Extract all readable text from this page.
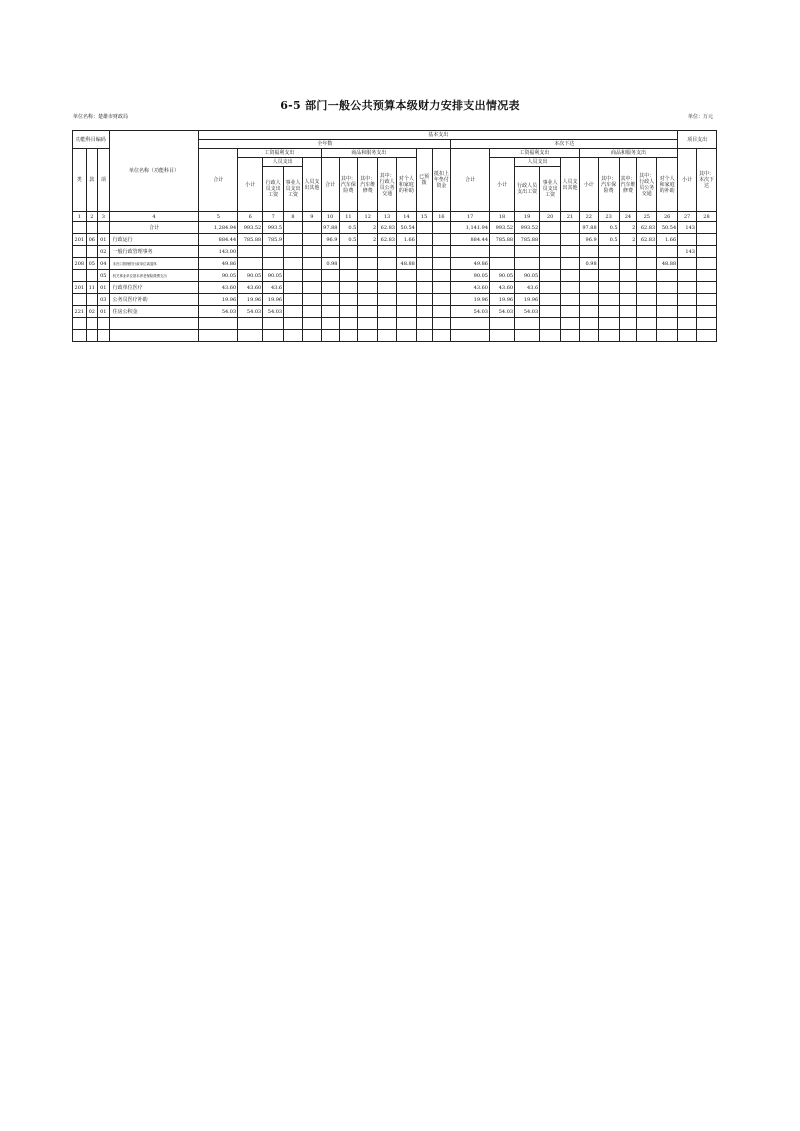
6-5 部门一般公共预算本级财力安排支出情况表
单位名称：楚雄市财政局	单位：万元
功能科目编码			单位名称（功能科目）	基本支出																						项目支出	
				全年数												本次下达											
类	款	项		合计	工资福利支出				商品和服务支出					已预拨	抵扣上年垫付资金	合计	工资福利支出				商品和服务支出					小计	其中：本次下达
					小计	人员支出		人员支出其他	合计	其中：汽车保险费	其中：汽车维修费	其中：行政人员公务交通	对个人和家庭的补助				小计	人员支出		人员支出其他	小计	其中：汽车保险费	其中：汽车维修费	其中：行政人员公务交通	对个人和家庭的补助		
						行政人员支出工资	事业人员支出工资											行政人员支出工资	事业人员支出工资								
1	2	3	4	5	6	7	8	9	10	11	12	13	14	15	16	17	18	19	20	21	22	23	24	25	26	27	28
			合计	1,284.94	993.52	993.5			97.88	0.5	2	62.83	50.54			1,141.94	993.52	993.52			97.88	0.5	2	62.83	50.54	143	
201	06	01	行政运行	884.44	785.88	785.9			96.9	0.5	2	62.83	1.66			884.44	785.88	785.88			96.9	0.5	2	62.83	1.66		
		02	一般行政管理事务	143.00																						143	
208	05	04	未归口管理的行政单位离退休	49.86					0.98				48.88			49.86					0.98				48.88		
		05	机关事业单位基本养老保险缴费支出	90.05	90.05	90.05										90.05	90.05	90.05									
201	11	01	行政单位医疗	43.60	43.60	43.6										43.60	43.60	43.6									
		03	公务员医疗补助	19.96	19.96	19.96										19.96	19.96	19.96									
221	02	01	住房公积金	54.03	54.03	54.03										54.03	54.03	54.03									
